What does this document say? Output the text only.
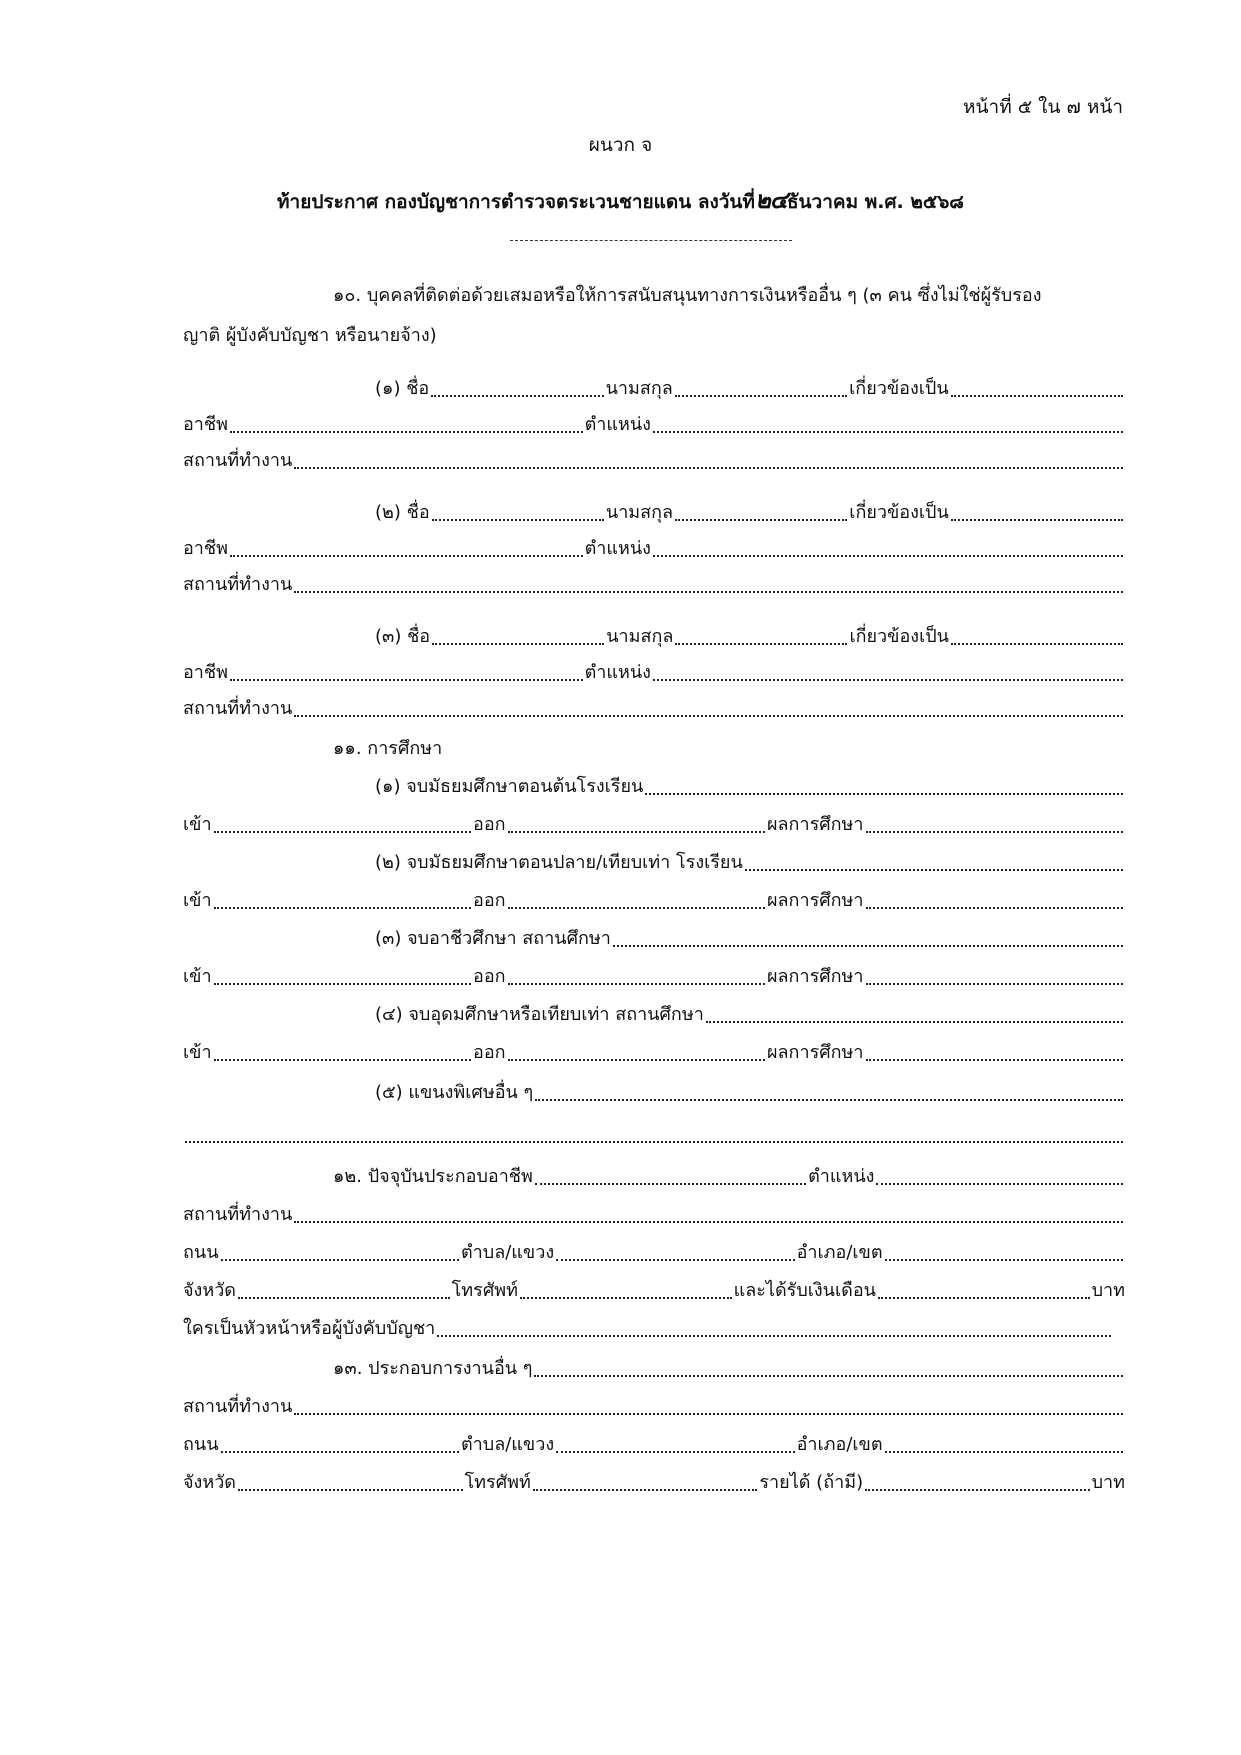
หน้าที่ ๕ ใน ๗ หน้า
ผนวก จ
ท้ายประกาศ กองบัญชาการตำรวจตระเวนชายแดน ลงวันที่๒๔ธันวาคม พ.ศ. ๒๕๖๘
๑๐. บุคคลที่ติดต่อด้วยเสมอหรือให้การสนับสนุนทางการเงินหรืออื่น ๆ (๓ คน ซึ่งไม่ใช่ผู้รับรอง
ญาติ ผู้บังคับบัญชา หรือนายจ้าง)
(๑)
ชื่อ	นามสกุล	เกี่ยวข้องเป็น
อาชีพ	ตำแหน่ง
สถานที่ทำงาน
(๒)
ชื่อ	นามสกุล	เกี่ยวข้องเป็น
อาชีพ	ตำแหน่ง
สถานที่ทำงาน
(๓)
ชื่อ	นามสกุล	เกี่ยวข้องเป็น
อาชีพ	ตำแหน่ง
สถานที่ทำงาน
๑๑. การศึกษา
(๑) จบมัธยมศึกษาตอนต้นโรงเรียน
เข้า	ออก	ผลการศึกษา
(๒) จบมัธยมศึกษาตอนปลาย/เทียบเท่า โรงเรียน
เข้า	ออก	ผลการศึกษา
(๓) จบอาชีวศึกษา สถานศึกษา
เข้า	ออก	ผลการศึกษา
(๔) จบอุดมศึกษาหรือเทียบเท่า สถานศึกษา
เข้า	ออก	ผลการศึกษา
(๕) แขนงพิเศษอื่น ๆ
๑๒. ปัจจุบันประกอบอาชีพ	ตำแหน่ง
สถานที่ทำงาน
ถนน	ตำบล/แขวง	อำเภอ/เขต
จังหวัด	โทรศัพท์	และได้รับเงินเดือน	บาท
ใครเป็นหัวหน้าหรือผู้บังคับบัญชา
๑๓. ประกอบการงานอื่น ๆ
สถานที่ทำงาน
ถนน	ตำบล/แขวง	อำเภอ/เขต
จังหวัด	โทรศัพท์	รายได้ (ถ้ามี)	บาท
